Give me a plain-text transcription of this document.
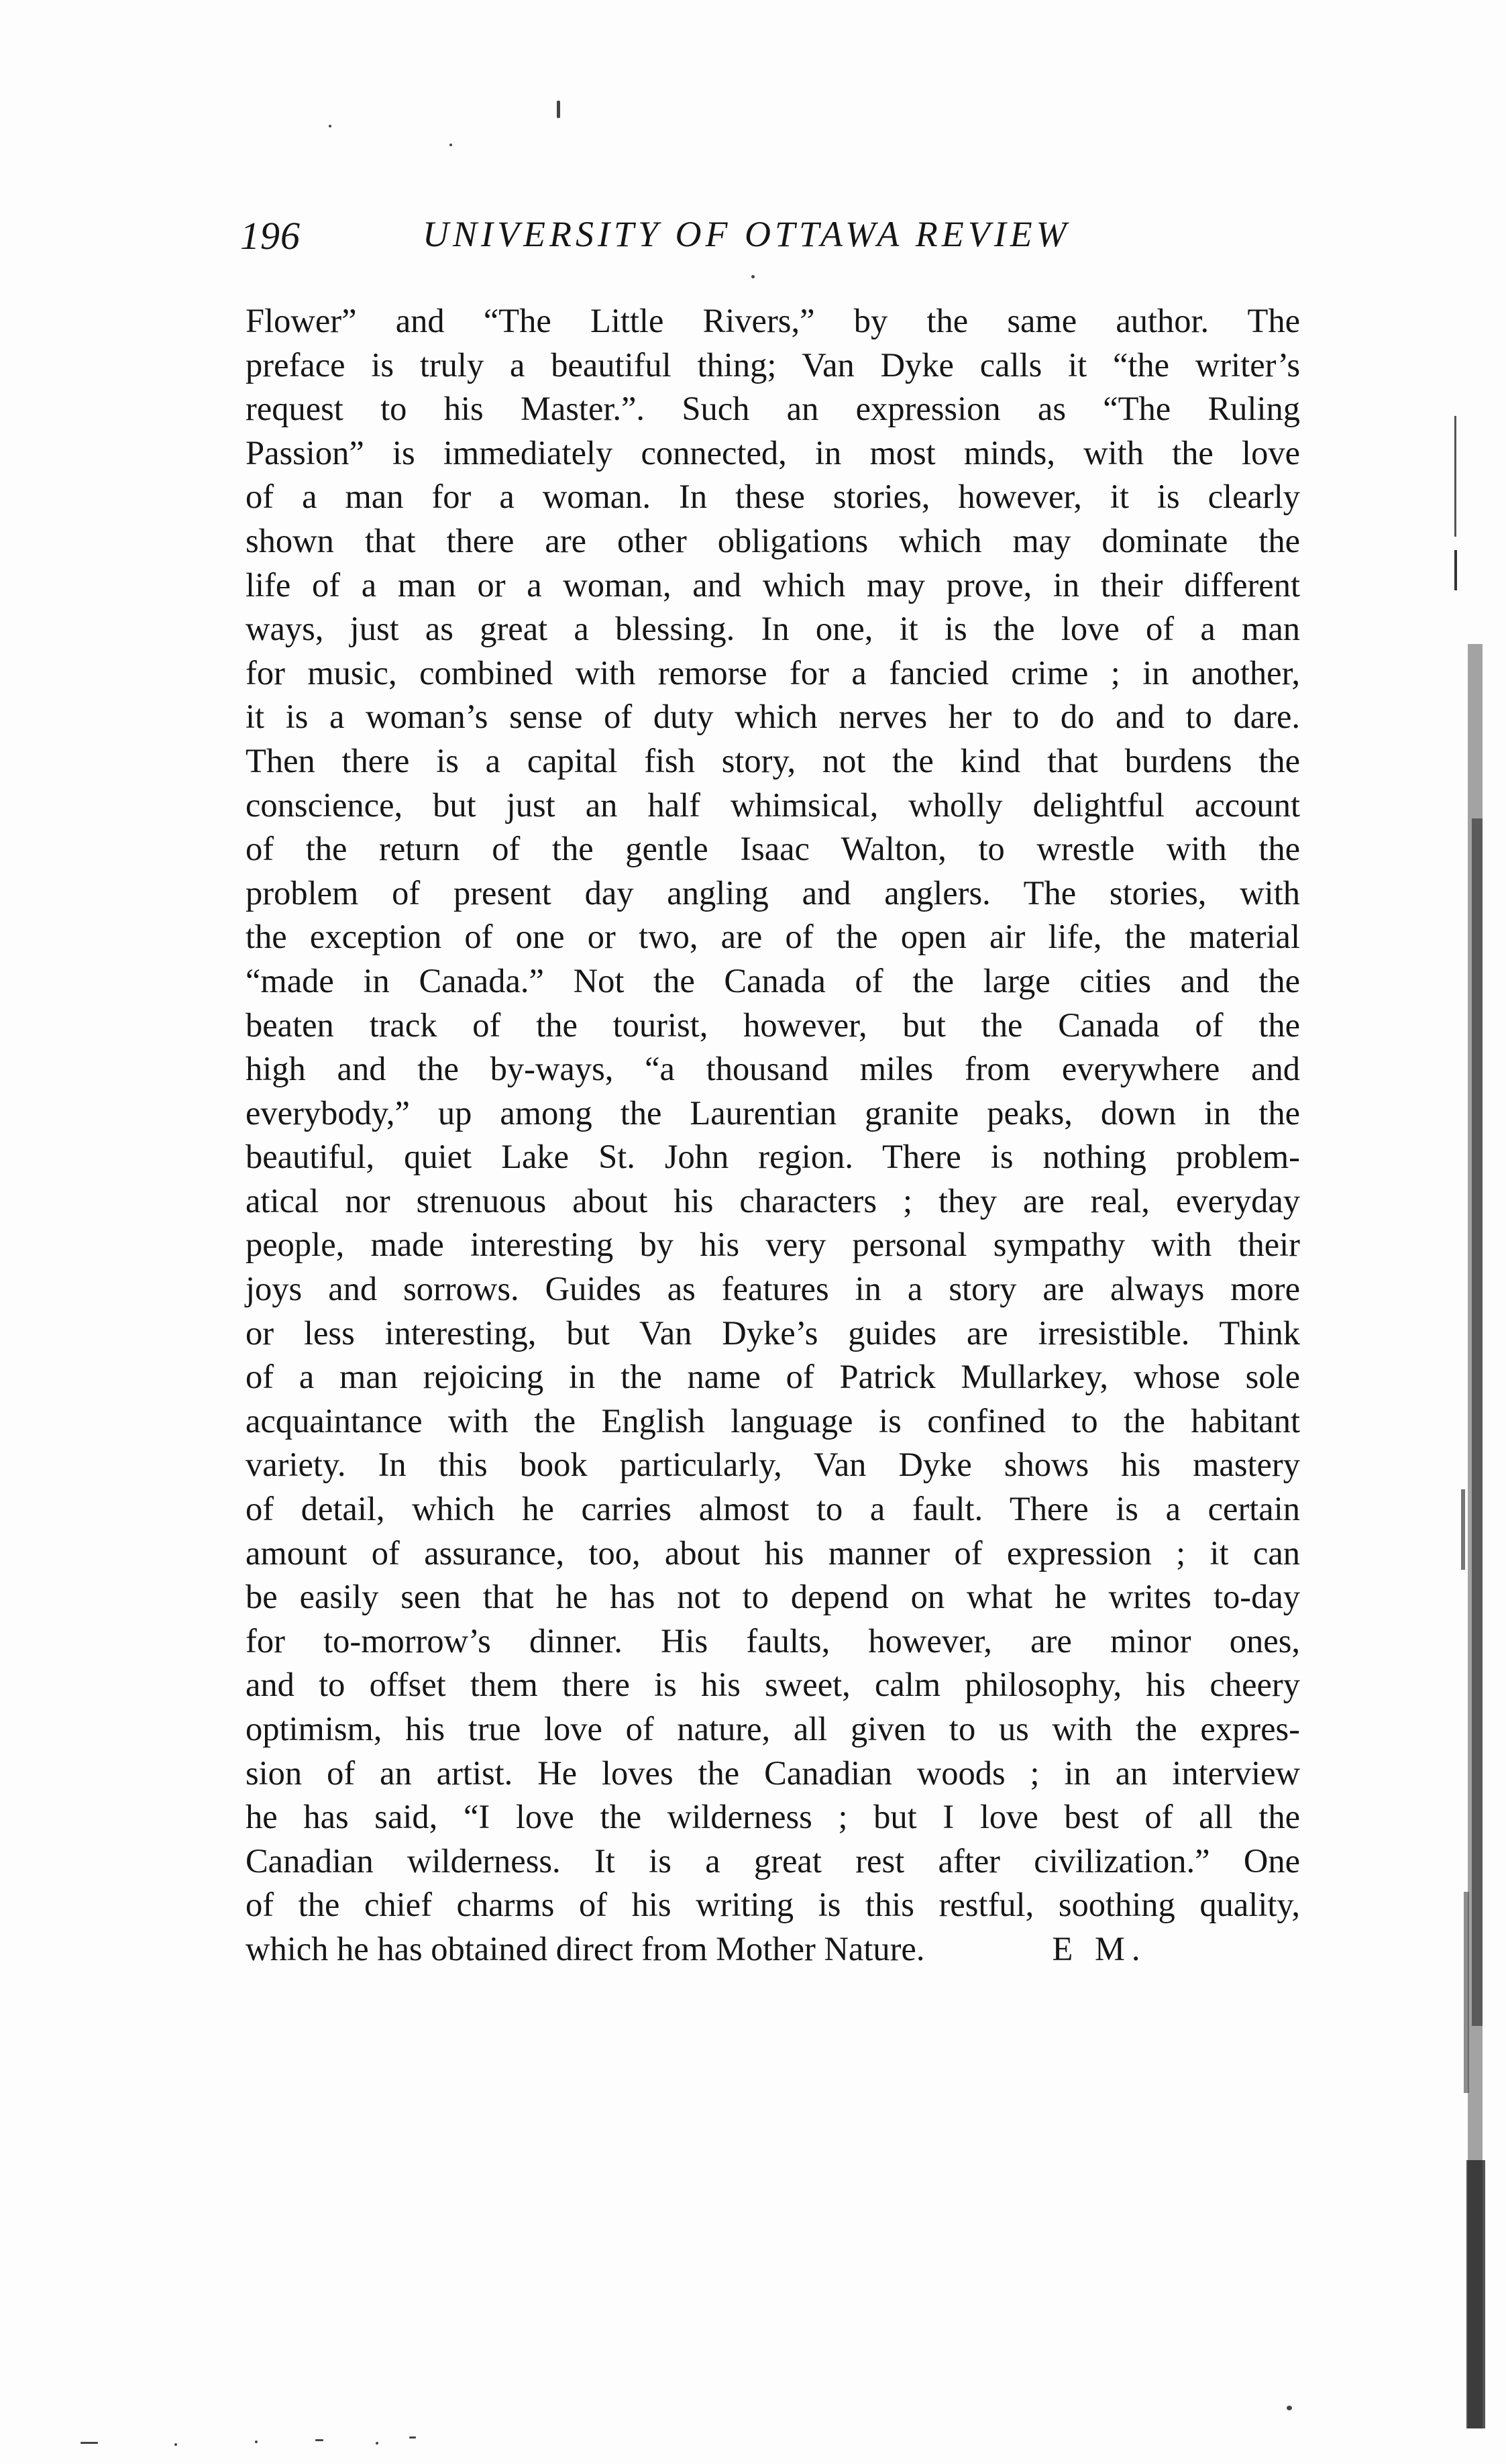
196	UNIVERSITY OF OTTAWA REVIEW

Flower” and “The Little Rivers,” by the same author. The
preface is truly a beautiful thing; Van Dyke calls it “the writer’s
request to his Master.”. Such an expression as “The Ruling
Passion” is immediately connected, in most minds, with the love
of a man for a woman. In these stories, however, it is clearly
shown that there are other obligations which may dominate the
life of a man or a woman, and which may prove, in their different
ways, just as great a blessing. In one, it is the love of a man
for music, combined with remorse for a fancied crime ; in another,
it is a woman’s sense of duty which nerves her to do and to dare.
Then there is a capital fish story, not the kind that burdens the
conscience, but just an half whimsical, wholly delightful account
of the return of the gentle Isaac Walton, to wrestle with the
problem of present day angling and anglers. The stories, with
the exception of one or two, are of the open air life, the material
“made in Canada.” Not the Canada of the large cities and the
beaten track of the tourist, however, but the Canada of the
high and the by-ways, “a thousand miles from everywhere and
everybody,” up among the Laurentian granite peaks, down in the
beautiful, quiet Lake St. John region. There is nothing problem-
atical nor strenuous about his characters ; they are real, everyday
people, made interesting by his very personal sympathy with their
joys and sorrows. Guides as features in a story are always more
or less interesting, but Van Dyke’s guides are irresistible. Think
of a man rejoicing in the name of Patrick Mullarkey, whose sole
acquaintance with the English language is confined to the habitant
variety. In this book particularly, Van Dyke shows his mastery
of detail, which he carries almost to a fault. There is a certain
amount of assurance, too, about his manner of expression ; it can
be easily seen that he has not to depend on what he writes to-day
for to-morrow’s dinner. His faults, however, are minor ones,
and to offset them there is his sweet, calm philosophy, his cheery
optimism, his true love of nature, all given to us with the expres-
sion of an artist. He loves the Canadian woods ; in an interview
he has said, “I love the wilderness ; but I love best of all the
Canadian wilderness. It is a great rest after civilization.” One
of the chief charms of his writing is this restful, soothing quality,
which he has obtained direct from Mother Nature.	E M.
